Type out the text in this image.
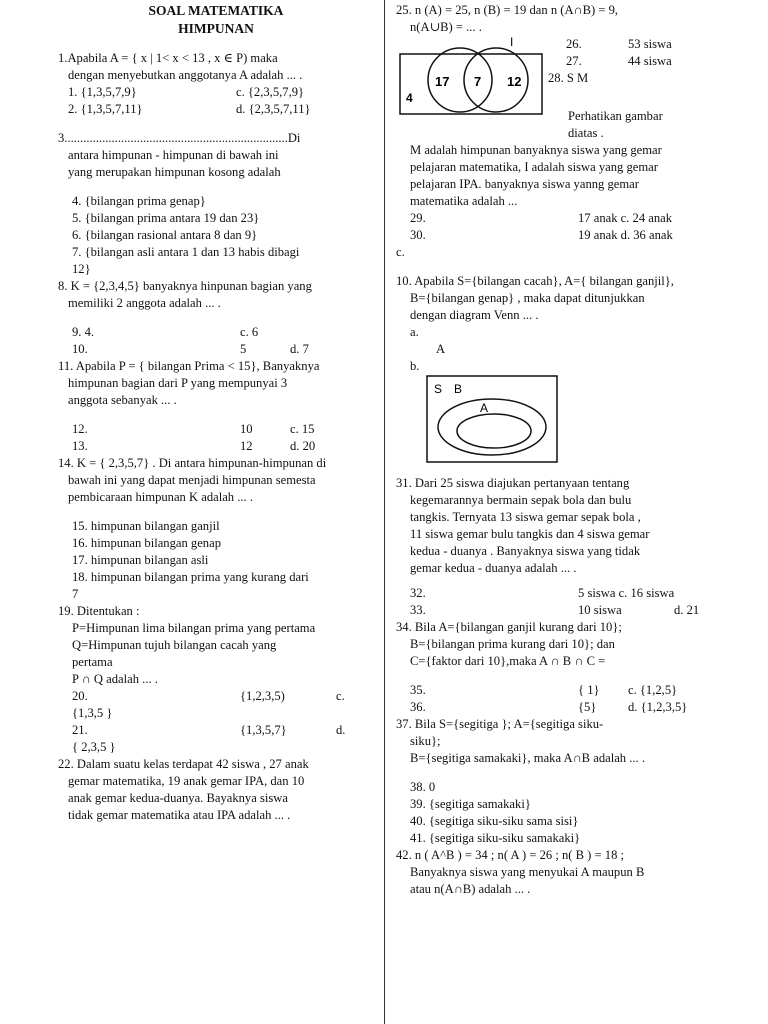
SOAL MATEMATIKA
HIMPUNAN
1.Apabila A = { x | 1< x < 13 , x ∈ P) maka
dengan menyebutkan anggotanya A adalah ... .
1. {1,3,5,7,9}	c. {2,3,5,7,9}
2. {1,3,5,7,11}	d. {2,3,5,7,11}
3.......................................................................Di
antara himpunan - himpunan di bawah ini
yang merupakan himpunan kosong adalah
4. {bilangan prima genap}
5. {bilangan prima antara 19 dan 23}
6. {bilangan rasional antara 8 dan 9}
7. {bilangan asli antara 1 dan 13 habis dibagi
12}
8. K = {2,3,4,5} banyaknya hinpunan bagian yang
memiliki 2 anggota adalah ... .
9. 4.	c. 6
10.	5	d. 7
11. Apabila P = { bilangan Prima < 15}, Banyaknya
himpunan bagian dari P yang mempunyai 3
anggota sebanyak ... .
12.	10	c. 15
13.	12	d. 20
14. K = { 2,3,5,7} . Di antara himpunan-himpunan di
bawah ini yang dapat menjadi himpunan semesta
pembicaraan himpunan K adalah ... .
15. himpunan bilangan ganjil
16. himpunan bilangan genap
17. himpunan bilangan asli
18. himpunan bilangan prima yang kurang dari
7
19. Ditentukan :
P=Himpunan lima bilangan prima yang pertama
Q=Himpunan tujuh bilangan cacah yang
pertama
P ∩ Q adalah ... .
20.	{1,2,3,5)	c.
{1,3,5 }
21.	{1,3,5,7}	d.
{ 2,3,5 }
22. Dalam suatu kelas terdapat 42 siswa , 27 anak
gemar matematika, 19 anak gemar IPA, dan 10
anak gemar kedua-duanya. Bayaknya siswa
tidak gemar matematika atau IPA adalah ... .
25. n (A) = 25, n (B) = 19 dan n (A∩B) = 9,
n(A∪B) = ... .
I
17 7 12
4
26.	53 siswa
27.	44 siswa
28. S M
Perhatikan gambar
diatas .
M adalah himpunan banyaknya siswa yang gemar
pelajaran matematika, I adalah siswa yang gemar
pelajaran IPA. banyaknya siswa yanng gemar
matematika adalah ...
29.	17 anak c. 24 anak
30.	19 anak d. 36 anak
c.
10. Apabila S={bilangan cacah}, A={ bilangan ganjil},
B={bilangan genap} , maka dapat ditunjukkan
dengan diagram Venn ... .
a.
A
b.
S B
A
31. Dari 25 siswa diajukan pertanyaan tentang
kegemarannya bermain sepak bola dan bulu
tangkis. Ternyata 13 siswa gemar sepak bola ,
11 siswa gemar bulu tangkis dan 4 siswa gemar
kedua - duanya . Banyaknya siswa yang tidak
gemar kedua - duanya adalah ... .
32.	5 siswa c. 16 siswa
33.	10 siswa	d. 21
34. Bila A={bilangan ganjil kurang dari 10};
B={bilangan prima kurang dari 10}; dan
C={faktor dari 10},maka A ∩ B ∩ C =
35.	{ 1}	c. {1,2,5}
36.	{5}	d. {1,2,3,5}
37. Bila S={segitiga }; A={segitiga siku-
siku};
B={segitiga samakaki}, maka A∩B adalah ... .
38. 0
39. {segitiga samakaki}
40. {segitiga siku-siku sama sisi}
41. {segitiga siku-siku samakaki}
42. n ( A^B ) = 34 ; n( A ) = 26 ; n( B ) = 18 ;
Banyaknya siswa yang menyukai A maupun B
atau n(A∩B) adalah ... .
